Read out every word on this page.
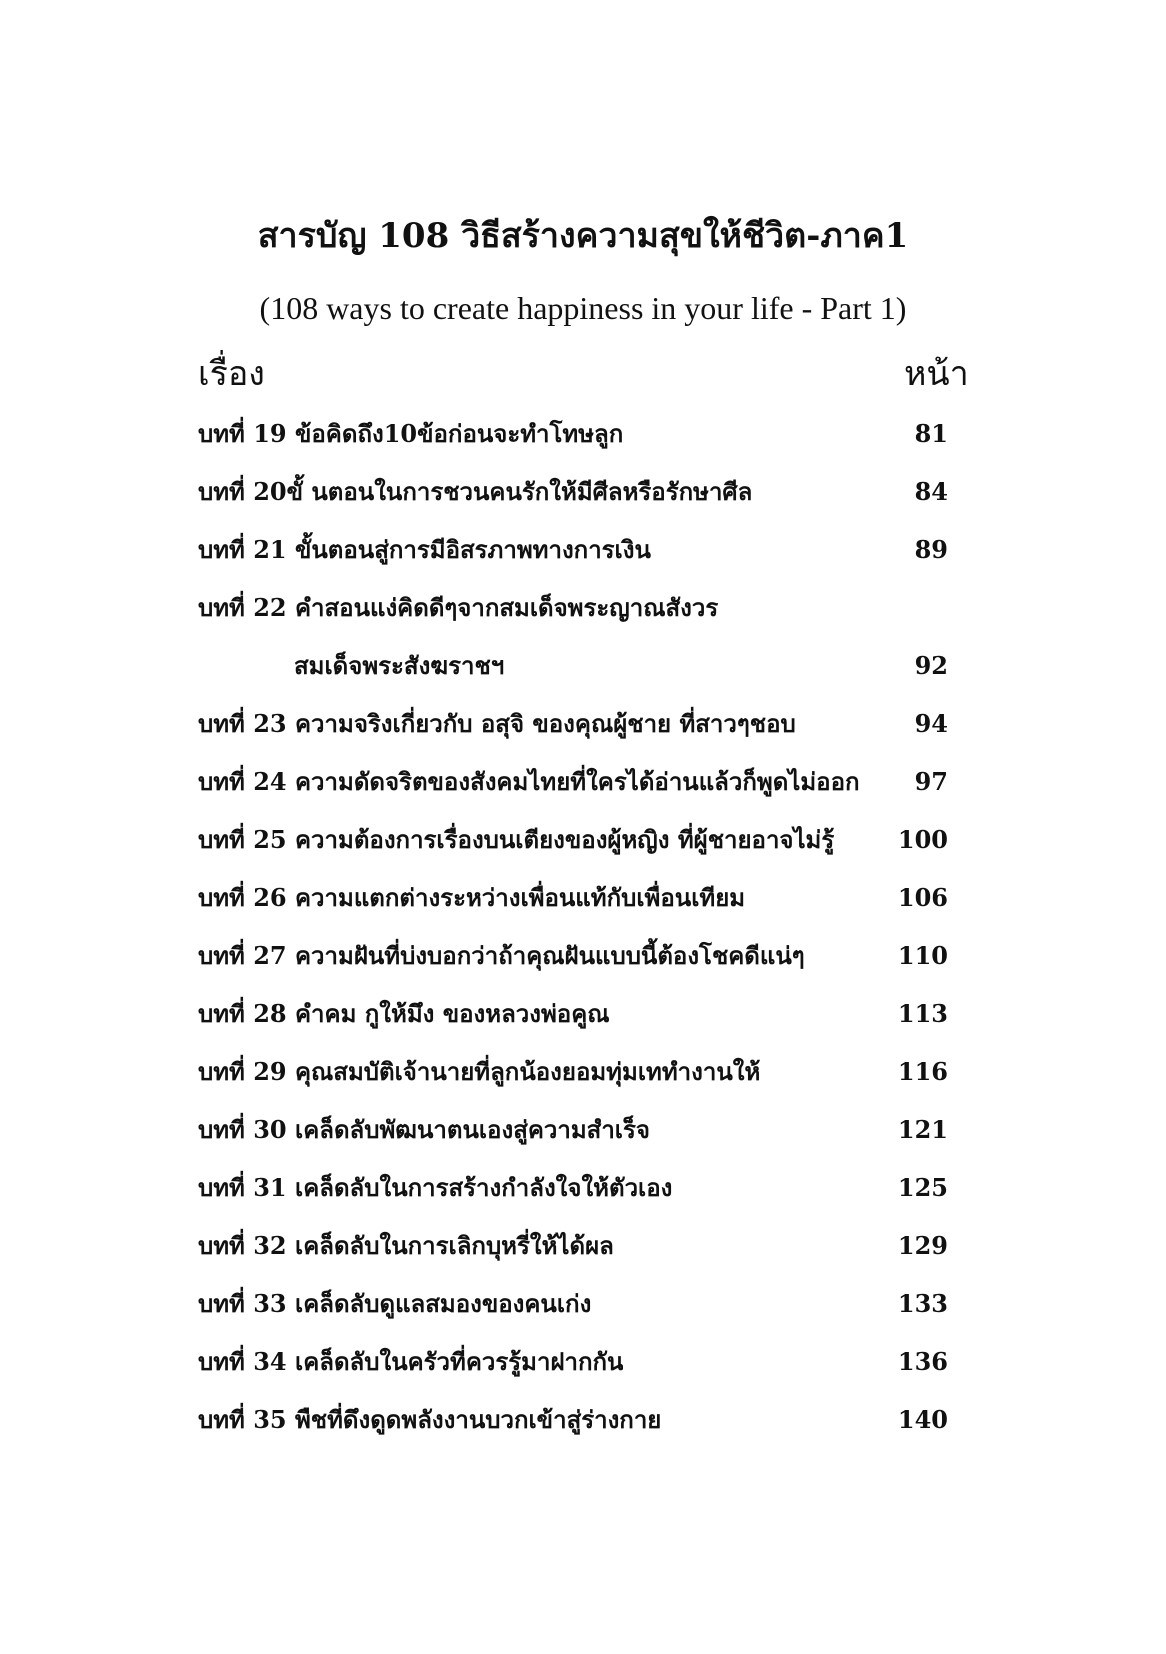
สารบัญ 108 วิธีสร้างความสุขให้ชีวิต-ภาค1
(108 ways to create happiness in your life - Part 1)
เรื่อง	หน้า
บทที่ 19 ข้อคิดถึง10ข้อก่อนจะทำโทษลูก	81
บทที่ 20ขั้ นตอนในการชวนคนรักให้มีศีลหรือรักษาศีล	84
บทที่ 21 ขั้นตอนสู่การมีอิสรภาพทางการเงิน	89
บทที่ 22 คำสอนแง่คิดดีๆจากสมเด็จพระญาณสังวร
สมเด็จพระสังฆราชฯ	92
บทที่ 23 ความจริงเกี่ยวกับ อสุจิ ของคุณผู้ชาย ที่สาวๆชอบ	94
บทที่ 24 ความดัดจริตของสังคมไทยที่ใครได้อ่านแล้วก็พูดไม่ออก 97
บทที่ 25 ความต้องการเรื่องบนเตียงของผู้หญิง ที่ผู้ชายอาจไม่รู้	100
บทที่ 26 ความแตกต่างระหว่างเพื่อนแท้กับเพื่อนเทียม	106
บทที่ 27 ความฝันที่บ่งบอกว่าถ้าคุณฝันแบบนี้ต้องโชคดีแน่ๆ	110
บทที่ 28 คำคม กูให้มึง ของหลวงพ่อคูณ	113
บทที่ 29 คุณสมบัติเจ้านายที่ลูกน้องยอมทุ่มเททำงานให้	116
บทที่ 30 เคล็ดลับพัฒนาตนเองสู่ความสำเร็จ	121
บทที่ 31 เคล็ดลับในการสร้างกำลังใจให้ตัวเอง	125
บทที่ 32 เคล็ดลับในการเลิกบุหรี่ให้ได้ผล	129
บทที่ 33 เคล็ดลับดูแลสมองของคนเก่ง	133
บทที่ 34 เคล็ดลับในครัวที่ควรรู้มาฝากกัน	136
บทที่ 35 พืชที่ดึงดูดพลังงานบวกเข้าสู่ร่างกาย	140
